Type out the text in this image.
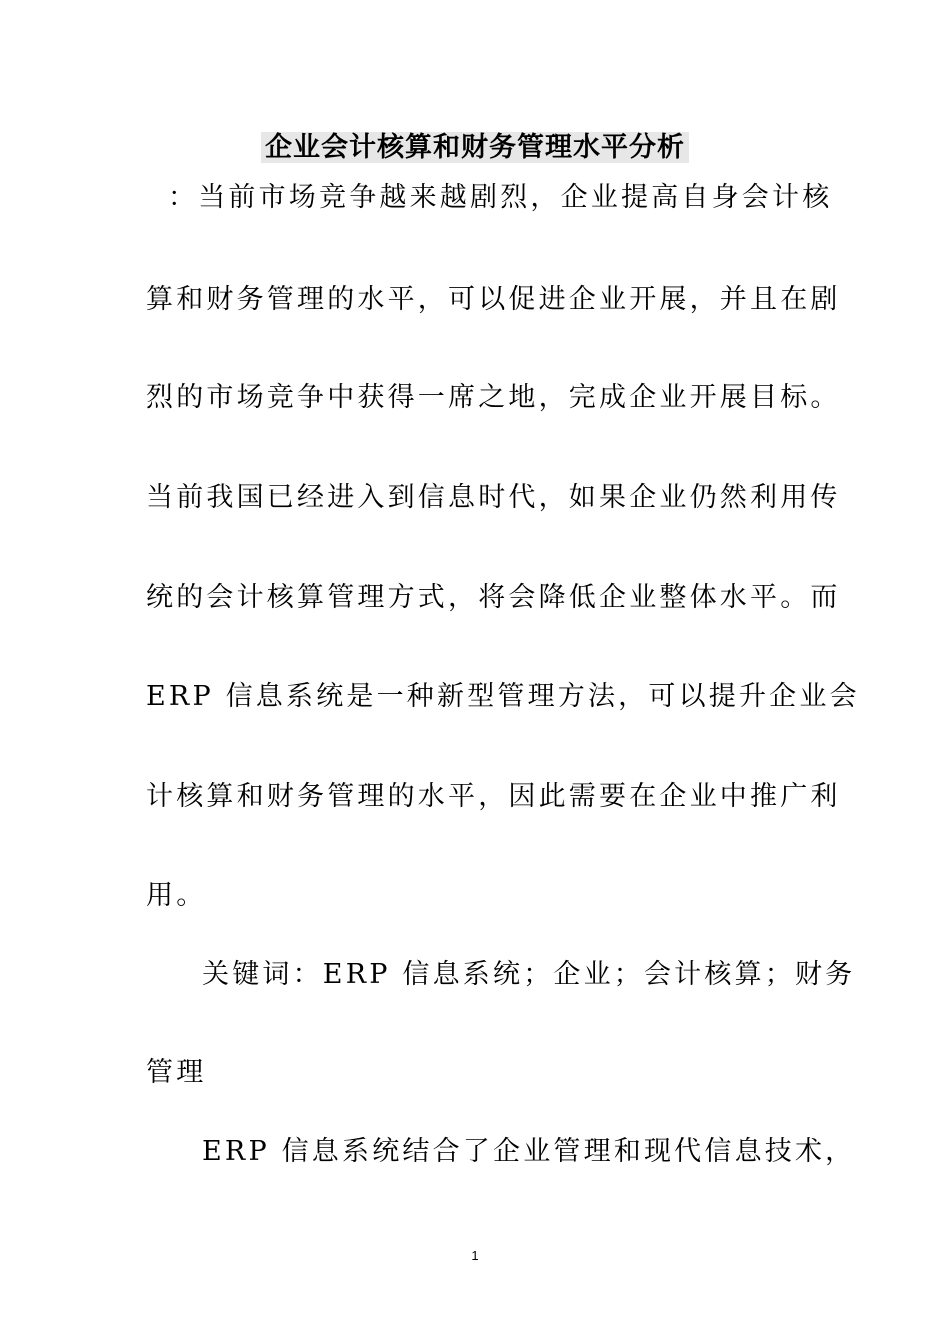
企业会计核算和财务管理水平分析
：当前市场竞争越来越剧烈，企业提高自身会计核
算和财务管理的水平，可以促进企业开展，并且在剧
烈的市场竞争中获得一席之地，完成企业开展目标。
当前我国已经进入到信息时代，如果企业仍然利用传
统的会计核算管理方式，将会降低企业整体水平。而
ERP 信息系统是一种新型管理方法，可以提升企业会
计核算和财务管理的水平，因此需要在企业中推广利
用。
关键词：ERP 信息系统；企业；会计核算；财务
管理
ERP 信息系统结合了企业管理和现代信息技术，
1
